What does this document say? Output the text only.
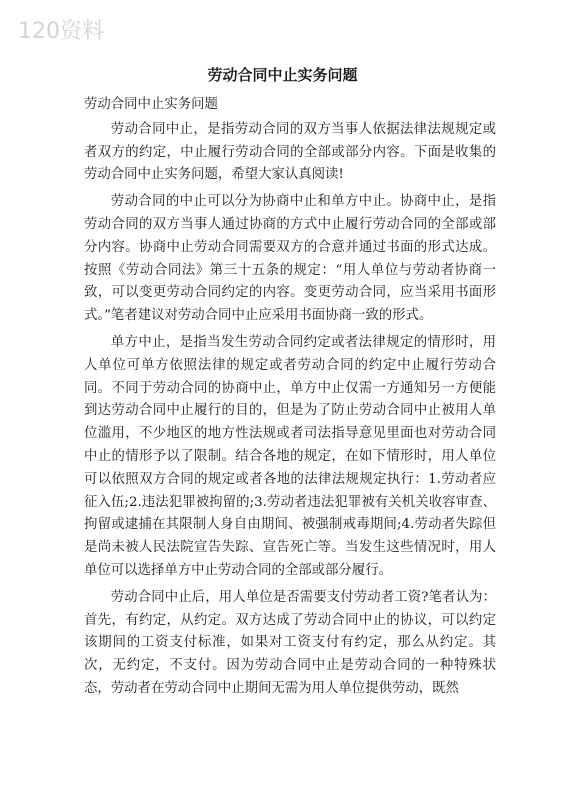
120资料
劳动合同中止实务问题
劳动合同中止实务问题

劳动合同中止，是指劳动合同的双方当事人依据法律法规规定或者双方的约定，中止履行劳动合同的全部或部分内容。下面是收集的劳动合同中止实务问题，希望大家认真阅读!

劳动合同的中止可以分为协商中止和单方中止。协商中止，是指劳动合同的双方当事人通过协商的方式中止履行劳动合同的全部或部分内容。协商中止劳动合同需要双方的合意并通过书面的形式达成。按照《劳动合同法》第三十五条的规定：“用人单位与劳动者协商一致，可以变更劳动合同约定的内容。变更劳动合同，应当采用书面形式。”笔者建议对劳动合同中止应采用书面协商一致的形式。

单方中止，是指当发生劳动合同约定或者法律规定的情形时，用人单位可单方依照法律的规定或者劳动合同的约定中止履行劳动合同。不同于劳动合同的协商中止，单方中止仅需一方通知另一方便能到达劳动合同中止履行的目的，但是为了防止劳动合同中止被用人单位滥用，不少地区的地方性法规或者司法指导意见里面也对劳动合同中止的情形予以了限制。结合各地的规定，在如下情形时，用人单位可以依照双方合同的规定或者各地的法律法规规定执行：1.劳动者应征入伍;2.违法犯罪被拘留的;3.劳动者违法犯罪被有关机关收容审查、拘留或逮捕在其限制人身自由期间、被强制戒毒期间;4.劳动者失踪但是尚未被人民法院宣告失踪、宣告死亡等。当发生这些情况时，用人单位可以选择单方中止劳动合同的全部或部分履行。

劳动合同中止后，用人单位是否需要支付劳动者工资?笔者认为：首先，有约定，从约定。双方达成了劳动合同中止的协议，可以约定该期间的工资支付标准，如果对工资支付有约定，那么从约定。其次，无约定，不支付。因为劳动合同中止是劳动合同的一种特殊状态，劳动者在劳动合同中止期间无需为用人单位提供劳动，既然
